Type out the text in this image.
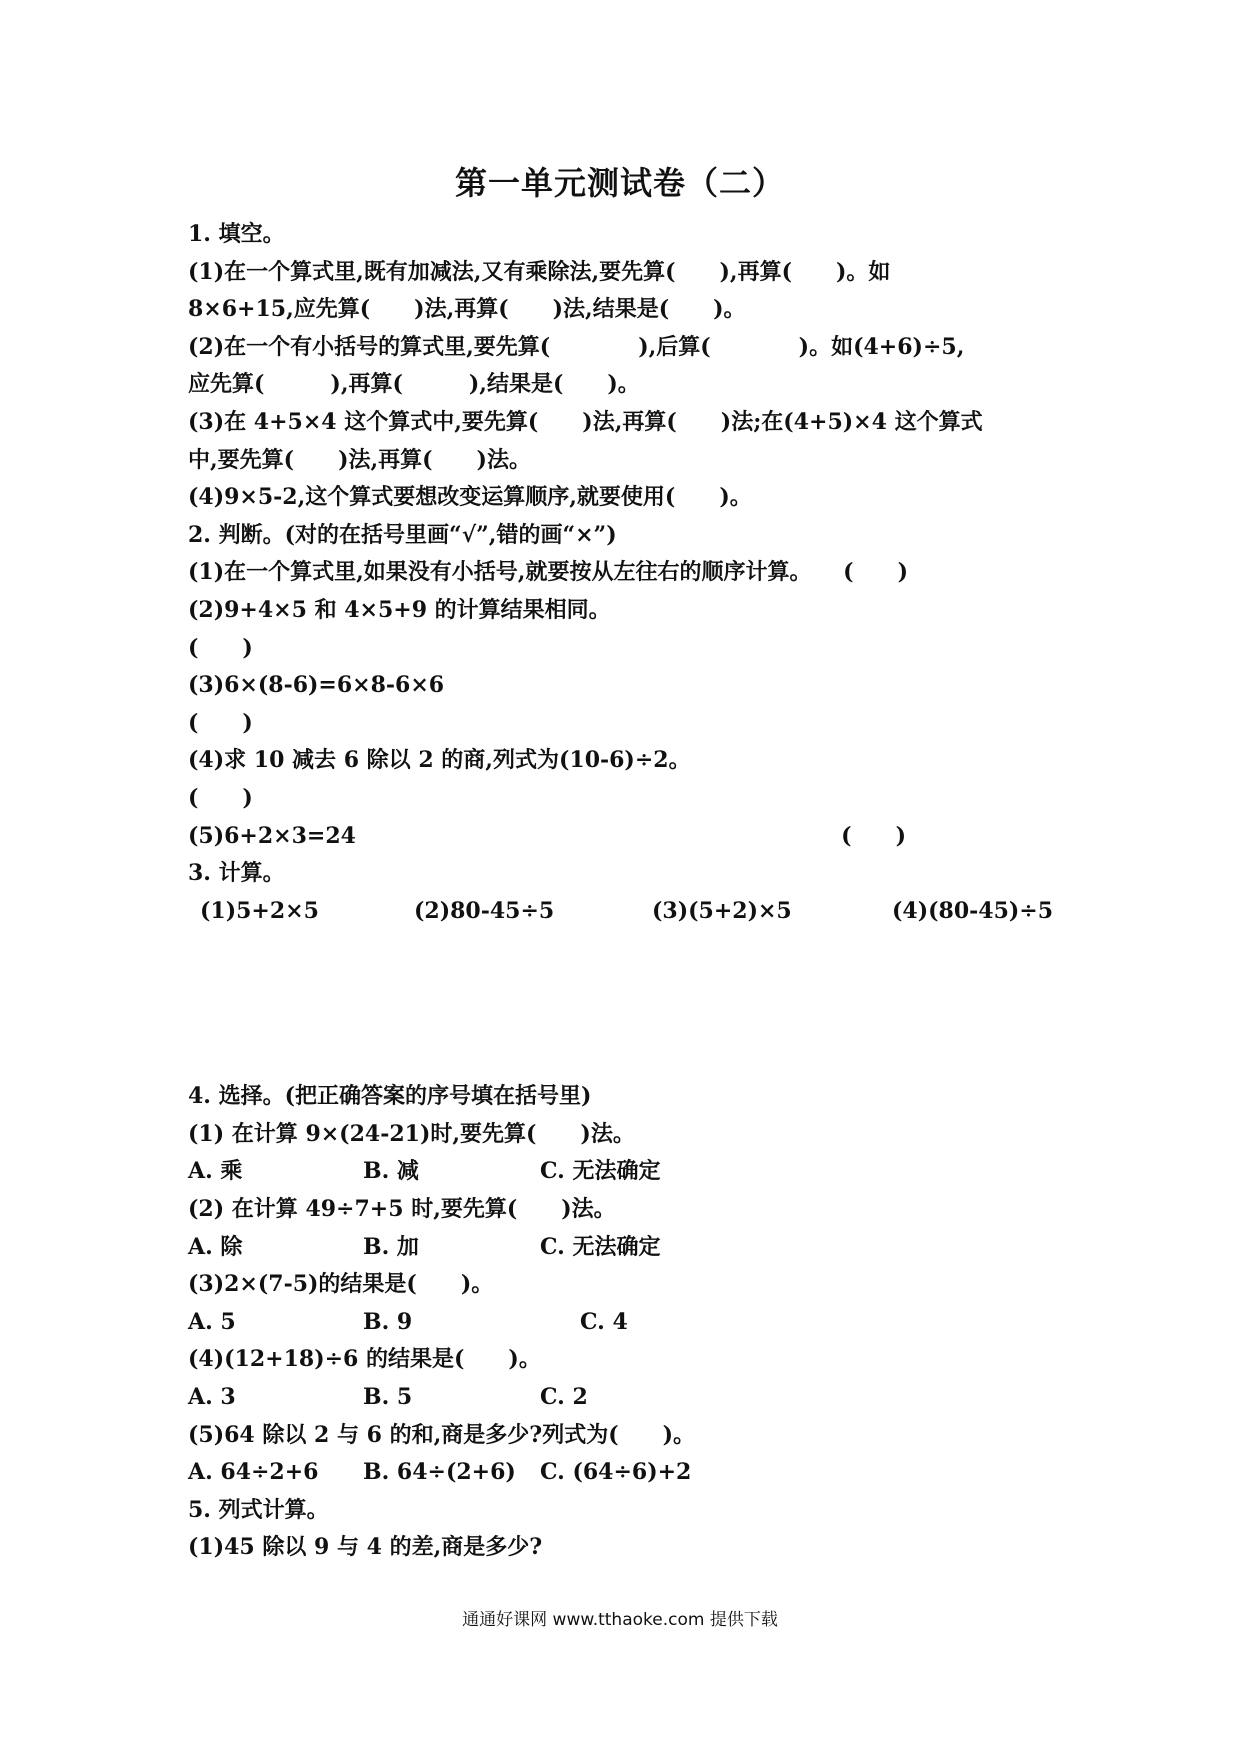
第一单元测试卷（二）
1. 填空。
(1)在一个算式里,既有加减法,又有乘除法,要先算(　　),再算(　　)。如
8×6+15,应先算(　　)法,再算(　　)法,结果是(　　)。
(2)在一个有小括号的算式里,要先算(　　　　),后算(　　　　)。如(4+6)÷5,
应先算(　　　),再算(　　　),结果是(　　)。
(3)在 4+5×4 这个算式中,要先算(　　)法,再算(　　)法;在(4+5)×4 这个算式
中,要先算(　　)法,再算(　　)法。
(4)9×5-2,这个算式要想改变运算顺序,就要使用(　　)。
2. 判断。(对的在括号里画“√”,错的画“×”)
(1)在一个算式里,如果没有小括号,就要按从左往右的顺序计算。 (　　)
(2)9+4×5 和 4×5+9 的计算结果相同。
(　　)
(3)6×(8-6)=6×8-6×6
(　　)
(4)求 10 减去 6 除以 2 的商,列式为(10-6)÷2。
(　　)
(5)6+2×3=24	(　　)
3. 计算。
(1)5+2×5	(2)80-45÷5	(3)(5+2)×5	(4)(80-45)÷5
4. 选择。(把正确答案的序号填在括号里)
(1) 在计算 9×(24-21)时,要先算(　　)法。
A. 乘	B. 减	C. 无法确定
(2) 在计算 49÷7+5 时,要先算(　　)法。
A. 除	B. 加	C. 无法确定
(3)2×(7-5)的结果是(　　)。
A. 5	B. 9	C. 4
(4)(12+18)÷6 的结果是(　　)。
A. 3	B. 5	C. 2
(5)64 除以 2 与 6 的和,商是多少?列式为(　　)。
A. 64÷2+6 B. 64÷(2+6) C. (64÷6)+2
5. 列式计算。
(1)45 除以 9 与 4 的差,商是多少?
通通好课网 www.tthaoke.com 提供下载
